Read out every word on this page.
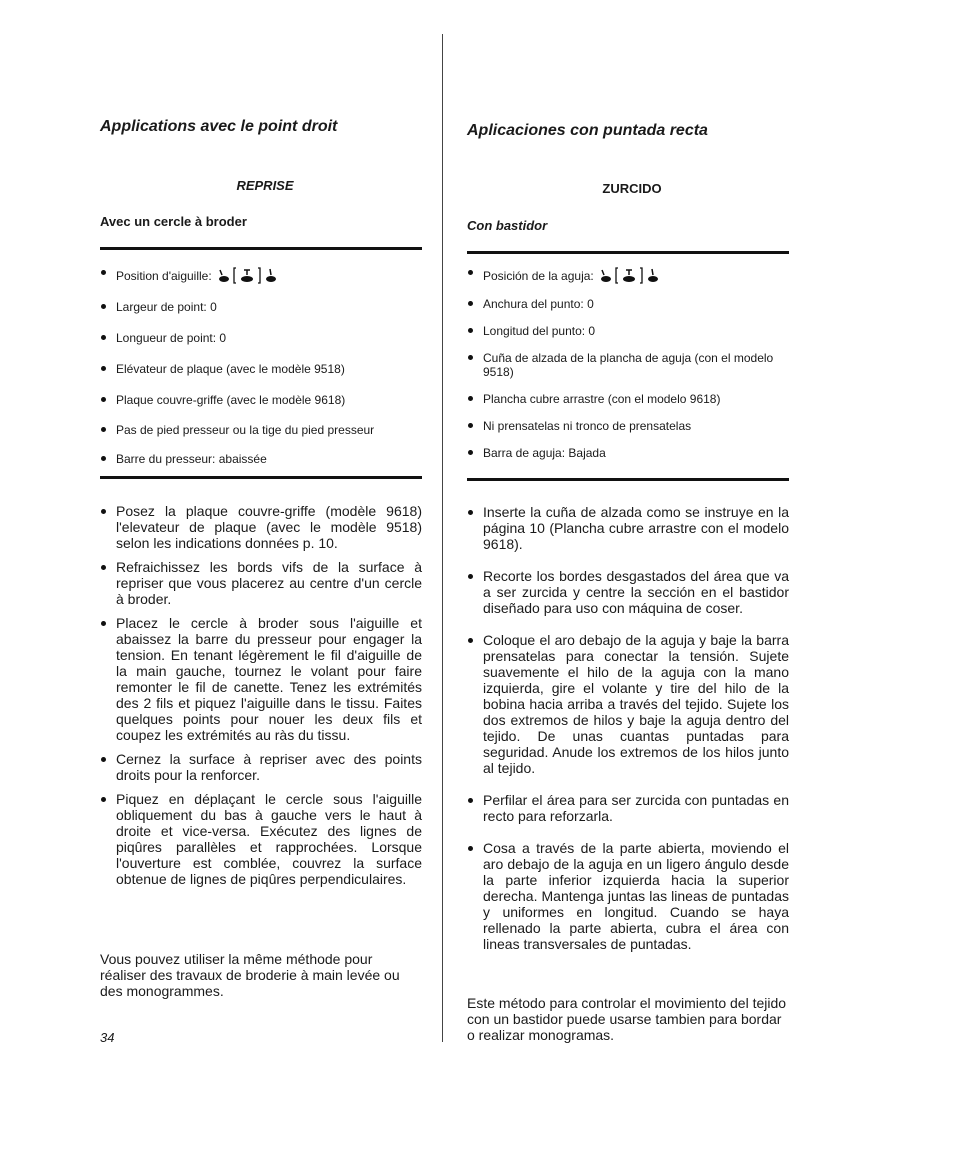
Applications avec le point droit
REPRISE
Avec un cercle à broder
Position d'aiguille:
Largeur de point: 0
Longueur de point: 0
Elévateur de plaque (avec le modèle 9518)
Plaque couvre-griffe (avec le modèle 9618)
Pas de pied presseur ou la tige du pied presseur
Barre du presseur: abaissée
Posez la plaque couvre-griffe (modèle 9618) l'elevateur de plaque (avec le modèle 9518) selon les indications données p. 10.
Refraichissez les bords vifs de la surface à repriser que vous placerez au centre d'un cercle à broder.
Placez le cercle à broder sous l'aiguille et abaissez la barre du presseur pour engager la tension. En tenant légèrement le fil d'aiguille de la main gauche, tournez le volant pour faire remonter le fil de canette. Tenez les extrémités des 2 fils et piquez l'aiguille dans le tissu. Faites quelques points pour nouer les deux fils et coupez les extrémités au ràs du tissu.
Cernez la surface à repriser avec des points droits pour la renforcer.
Piquez en déplaçant le cercle sous l'aiguille obliquement du bas à gauche vers le haut à droite et vice-versa. Exécutez des lignes de piqûres parallèles et rapprochées. Lorsque l'ouverture est comblée, couvrez la surface obtenue de lignes de piqûres perpendiculaires.
Vous pouvez utiliser la même méthode pour réaliser des travaux de broderie à main levée ou des monogrammes.
Aplicaciones con puntada recta
ZURCIDO
Con bastidor
Posición de la aguja:
Anchura del punto: 0
Longitud del punto: 0
Cuña de alzada de la plancha de aguja (con el modelo 9518)
Plancha cubre arrastre (con el modelo 9618)
Ni prensatelas ni tronco de prensatelas
Barra de aguja: Bajada
Inserte la cuña de alzada como se instruye en la página 10 (Plancha cubre arrastre con el modelo 9618).
Recorte los bordes desgastados del área que va a ser zurcida y centre la sección en el bastidor diseñado para uso con máquina de coser.
Coloque el aro debajo de la aguja y baje la barra prensatelas para conectar la tensión. Sujete suavemente el hilo de la aguja con la mano izquierda, gire el volante y tire del hilo de la bobina hacia arriba a través del tejido. Sujete los dos extremos de hilos y baje la aguja dentro del tejido. De unas cuantas puntadas para seguridad. Anude los extremos de los hilos junto al tejido.
Perfilar el área para ser zurcida con puntadas en recto para reforzarla.
Cosa a través de la parte abierta, moviendo el aro debajo de la aguja en un ligero ángulo desde la parte inferior izquierda hacia la superior derecha. Mantenga juntas las lineas de puntadas y uniformes en longitud. Cuando se haya rellenado la parte abierta, cubra el área con lineas transversales de puntadas.
Este método para controlar el movimiento del tejido con un bastidor puede usarse tambien para bordar o realizar monogramas.
34
